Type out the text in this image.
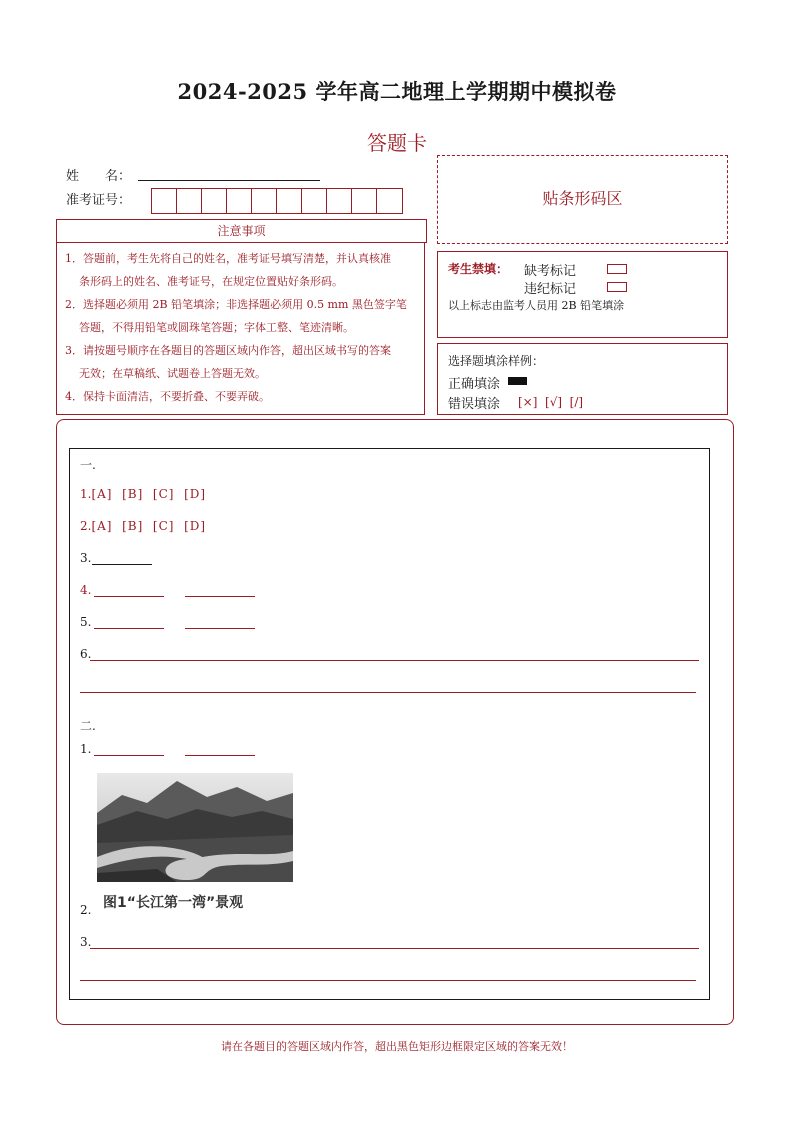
2024-2025 学年高二地理上学期期中模拟卷
答题卡
姓　　名：
准考证号：
注意事项

1．答题前，考生先将自己的姓名，准考证号填写清楚，并认真核准

条形码上的姓名、准考证号，在规定位置贴好条形码。

2．选择题必须用 2B 铅笔填涂；非选择题必须用 0.5 mm 黑色签字笔

答题，不得用铅笔或圆珠笔答题；字体工整、笔迹清晰。

3．请按题号顺序在各题目的答题区域内作答，超出区域书写的答案

无效；在草稿纸、试题卷上答题无效。

4．保持卡面清洁，不要折叠、不要弄破。

贴条形码区
考生禁填： 缺考标记
违纪标记
以上标志由监考人员用 2B 铅笔填涂
选择题填涂样例：
正确填涂
错误填涂 [×]  [√]  [/]
一.
1.[A]  [B]  [C]  [D]
2.[A]  [B]  [C]  [D]
3.
4.
5.
6.
二.
1.
图1“长江第一湾”景观
2.
3.
请在各题目的答题区域内作答，超出黑色矩形边框限定区域的答案无效！
